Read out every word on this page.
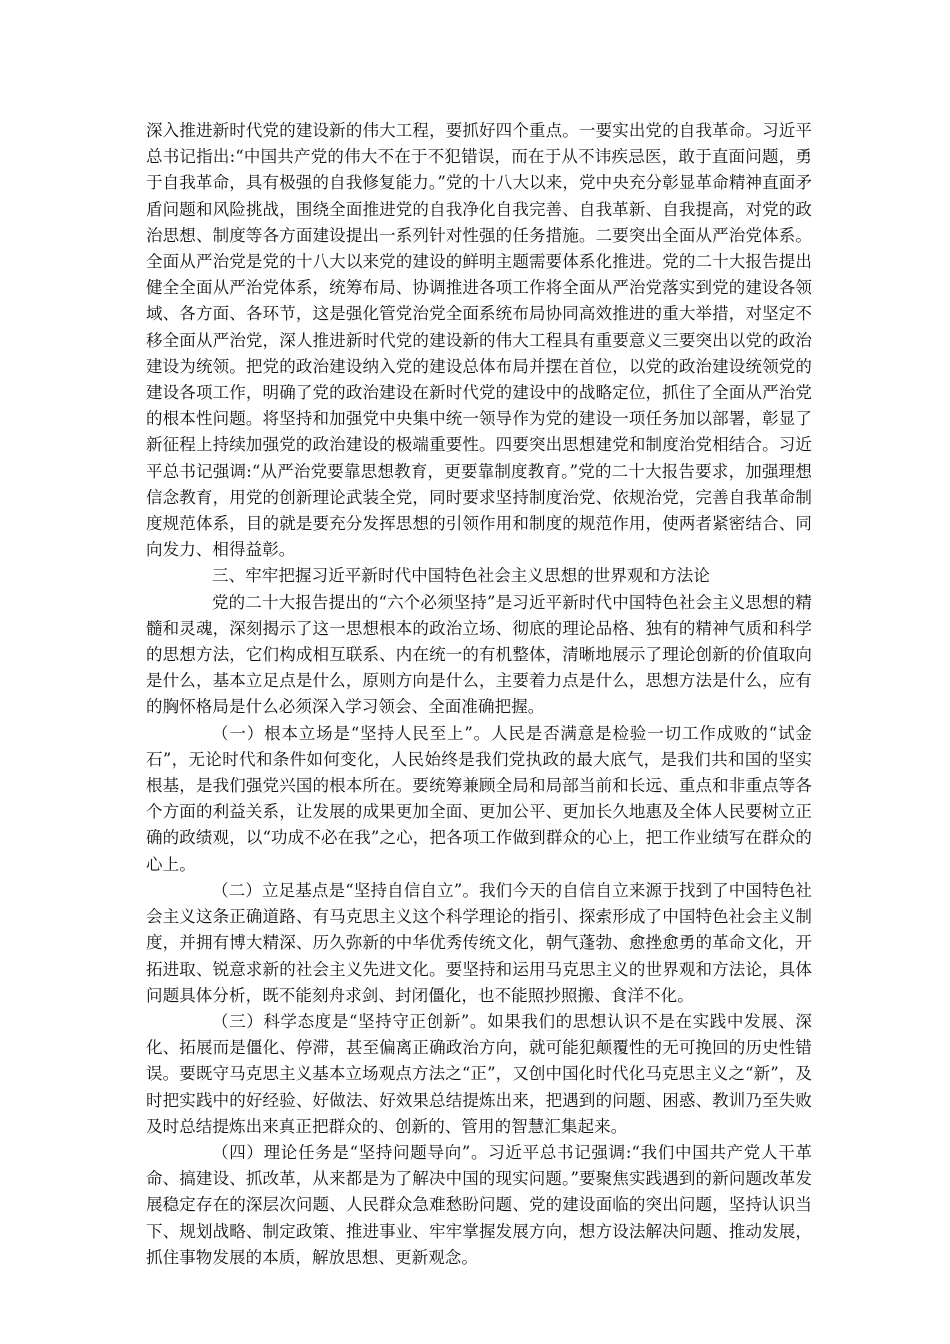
深入推进新时代党的建设新的伟大工程，要抓好四个重点。一要实出党的自我革命。习近平总书记指出:“中国共产党的伟大不在于不犯错误，而在于从不讳疾忌医，敢于直面问题，勇于自我革命，具有极强的自我修复能力。”党的十八大以来，党中央充分彰显革命精神直面矛盾问题和风险挑战，围绕全面推进党的自我净化自我完善、自我革新、自我提高，对党的政治思想、制度等各方面建设提出一系列针对性强的任务措施。二要突出全面从严治党体系。全面从严治党是党的十八大以来党的建设的鲜明主题需要体系化推进。党的二十大报告提出健全全面从严治党体系，统筹布局、协调推进各项工作将全面从严治党落实到党的建设各领域、各方面、各环节，这是强化管党治党全面系统布局协同高效推进的重大举措，对坚定不移全面从严治党，深人推进新时代党的建设新的伟大工程具有重要意义三要突出以党的政治建设为统领。把党的政治建设纳入党的建设总体布局并摆在首位，以党的政治建设统领党的建设各项工作，明确了党的政治建设在新时代党的建设中的战略定位，抓住了全面从严治党的根本性问题。将坚持和加强党中央集中统一领导作为党的建设一项任务加以部署，彰显了新征程上持续加强党的政治建设的极端重要性。四要突出思想建党和制度治党相结合。习近平总书记强调:“从严治党要靠思想教育，更要靠制度教育。”党的二十大报告要求，加强理想信念教育，用党的创新理论武装全党，同时要求坚持制度治党、依规治党，完善自我革命制度规范体系，目的就是要充分发挥思想的引领作用和制度的规范作用，使两者紧密结合、同向发力、相得益彰。

三、牢牢把握习近平新时代中国特色社会主义思想的世界观和方法论

党的二十大报告提出的“六个必须坚持”是习近平新时代中国特色社会主义思想的精髓和灵魂，深刻揭示了这一思想根本的政治立场、彻底的理论品格、独有的精神气质和科学的思想方法，它们构成相互联系、内在统一的有机整体，清晰地展示了理论创新的价值取向是什么，基本立足点是什么，原则方向是什么，主要着力点是什么，思想方法是什么，应有的胸怀格局是什么必须深入学习领会、全面准确把握。

（一）根本立场是“坚持人民至上”。人民是否满意是检验一切工作成败的“试金石”，无论时代和条件如何变化，人民始终是我们党执政的最大底气，是我们共和国的坚实根基，是我们强党兴国的根本所在。要统筹兼顾全局和局部当前和长远、重点和非重点等各个方面的利益关系，让发展的成果更加全面、更加公平、更加长久地惠及全体人民要树立正确的政绩观，以“功成不必在我”之心，把各项工作做到群众的心上，把工作业绩写在群众的心上。

（二）立足基点是“坚持自信自立”。我们今天的自信自立来源于找到了中国特色社会主义这条正确道路、有马克思主义这个科学理论的指引、探索形成了中国特色社会主义制度，并拥有博大精深、历久弥新的中华优秀传统文化，朝气蓬勃、愈挫愈勇的革命文化，开拓进取、锐意求新的社会主义先进文化。要坚持和运用马克思主义的世界观和方法论，具体问题具体分析，既不能刻舟求剑、封闭僵化，也不能照抄照搬、食洋不化。

（三）科学态度是“坚持守正创新”。如果我们的思想认识不是在实践中发展、深化、拓展而是僵化、停滞，甚至偏离正确政治方向，就可能犯颠覆性的无可挽回的历史性错误。要既守马克思主义基本立场观点方法之“正”，又创中国化时代化马克思主义之“新”，及时把实践中的好经验、好做法、好效果总结提炼出来，把遇到的问题、困惑、教训乃至失败及时总结提炼出来真正把群众的、创新的、管用的智慧汇集起来。

（四）理论任务是“坚持问题导向”。习近平总书记强调:“我们中国共产党人干革命、搞建设、抓改革，从来都是为了解决中国的现实问题。”要聚焦实践遇到的新问题改革发展稳定存在的深层次问题、人民群众急难愁盼问题、党的建设面临的突出问题，坚持认识当下、规划战略、制定政策、推进事业、牢牢掌握发展方向，想方设法解决问题、推动发展，抓住事物发展的本质，解放思想、更新观念。
